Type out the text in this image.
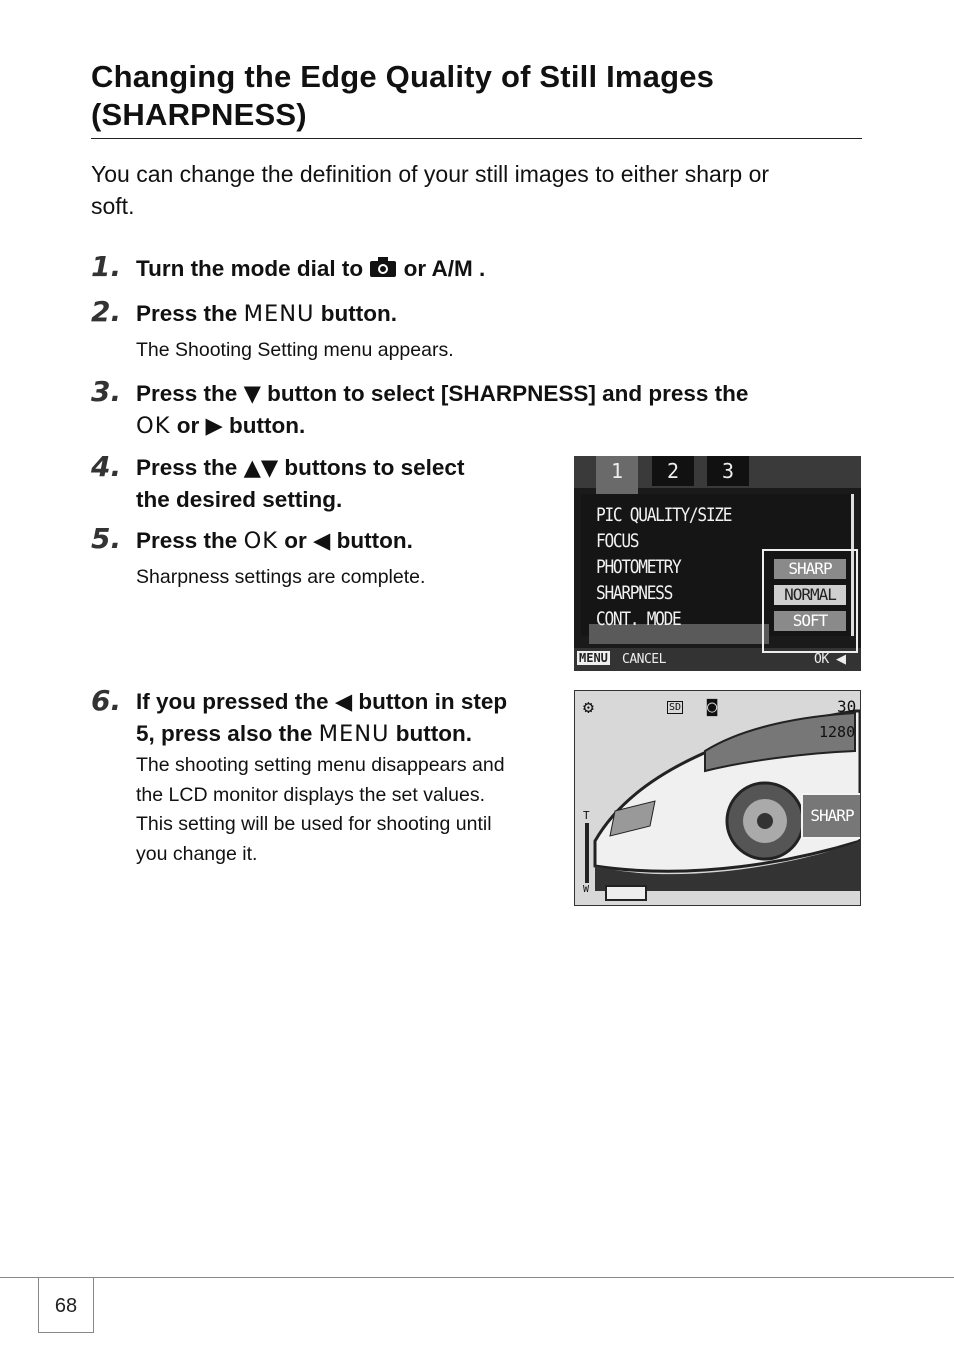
Changing the Edge Quality of Still Images
(SHARPNESS)
You can change the definition of your still images to either sharp or
soft.
1. Turn the mode dial to  or A/M .
2. Press the MENU button.
The Shooting Setting menu appears.
3. Press the ▼ button to select [SHARPNESS] and press the
OK or ▶ button.
4. Press the ▲▼ buttons to select
the desired setting.
5. Press the OK or ◀ button.
Sharpness settings are complete.
6. If you pressed the ◀ button in step
5, press also the MENU button.
The shooting setting menu disappears and
the LCD monitor displays the set values.
This setting will be used for shooting until
you change it.
1	2	3
PIC QUALITY/SIZE
FOCUS
PHOTOMETRY
SHARPNESS
CONT. MODE
MENU CANCEL	OK ◀
SHARP
NORMAL
SOFT
⚙	SD ◙	30
1280
T
W
SHARP
68
